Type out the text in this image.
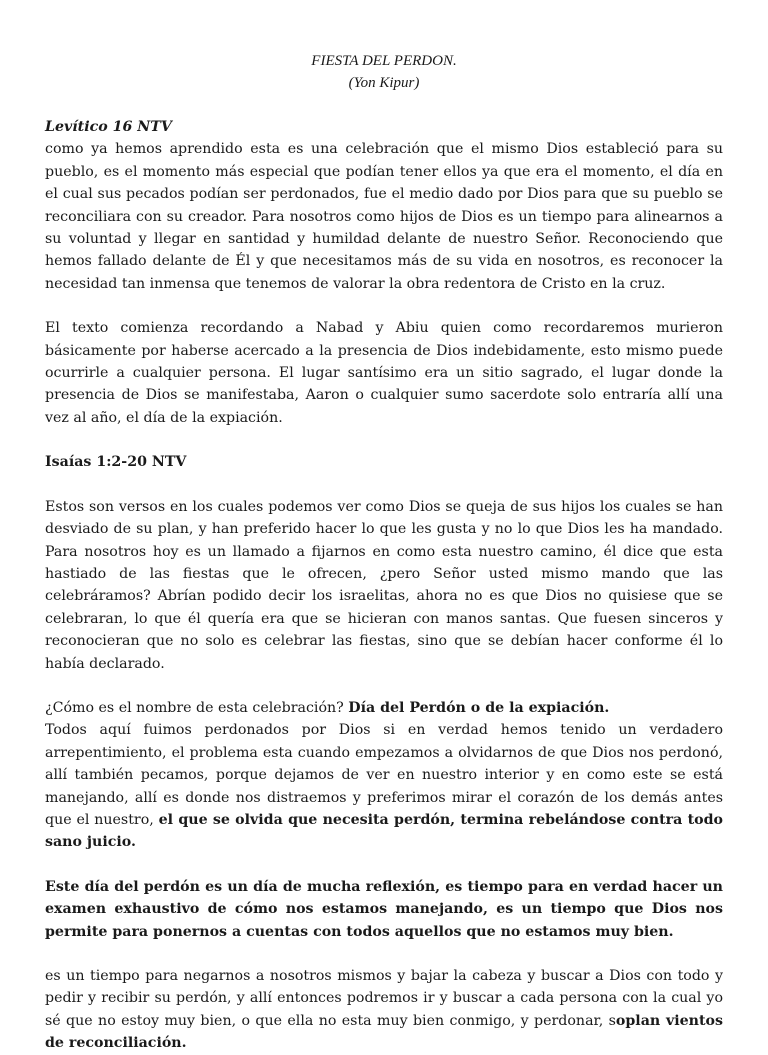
FIESTA DEL PERDON.
(Yon Kipur)
Levítico 16 NTV

como ya hemos aprendido esta es una celebración que el mismo Dios estableció para su pueblo, es el momento más especial que podían tener ellos ya que era el momento, el día en el cual sus pecados podían ser perdonados, fue el medio dado por Dios para que su pueblo se reconciliara con su creador. Para nosotros como hijos de Dios es un tiempo para alinearnos a su voluntad y llegar en santidad y humildad delante de nuestro Señor. Reconociendo que hemos fallado delante de Él y que necesitamos más de su vida en nosotros, es reconocer la necesidad tan inmensa que tenemos de valorar la obra redentora de Cristo en la cruz.

El texto comienza recordando a Nabad y Abiu quien como recordaremos murieron básicamente por haberse acercado a la presencia de Dios indebidamente, esto mismo puede ocurrirle a cualquier persona. El lugar santísimo era un sitio sagrado, el lugar donde la presencia de Dios se manifestaba, Aaron o cualquier sumo sacerdote solo entraría allí una vez al año, el día de la expiación.

Isaías 1:2-20 NTV

Estos son versos en los cuales podemos ver como Dios se queja de sus hijos los cuales se han desviado de su plan, y han preferido hacer lo que les gusta y no lo que Dios les ha mandado. Para nosotros hoy es un llamado a fijarnos en como esta nuestro camino, él dice que esta hastiado de las fiestas que le ofrecen, ¿pero Señor usted mismo mando que las celebráramos? Abrían podido decir los israelitas, ahora no es que Dios no quisiese que se celebraran, lo que él quería era que se hicieran con manos santas. Que fuesen sinceros y reconocieran que no solo es celebrar las fiestas, sino que se debían hacer conforme él lo había declarado.

¿Cómo es el nombre de esta celebración? Día del Perdón o de la expiación.

Todos aquí fuimos perdonados por Dios si en verdad hemos tenido un verdadero arrepentimiento, el problema esta cuando empezamos a olvidarnos de que Dios nos perdonó, allí también pecamos, porque dejamos de ver en nuestro interior y en como este se está manejando, allí es donde nos distraemos y preferimos mirar el corazón de los demás antes que el nuestro, el que se olvida que necesita perdón, termina rebelándose contra todo sano juicio.

Este día del perdón es un día de mucha reflexión, es tiempo para en verdad hacer un examen exhaustivo de cómo nos estamos manejando, es un tiempo que Dios nos permite para ponernos a cuentas con todos aquellos que no estamos muy bien.

es un tiempo para negarnos a nosotros mismos y bajar la cabeza y buscar a Dios con todo y pedir y recibir su perdón, y allí entonces podremos ir y buscar a cada persona con la cual yo sé que no estoy muy bien, o que ella no esta muy bien conmigo, y perdonar, soplan vientos de reconciliación.
